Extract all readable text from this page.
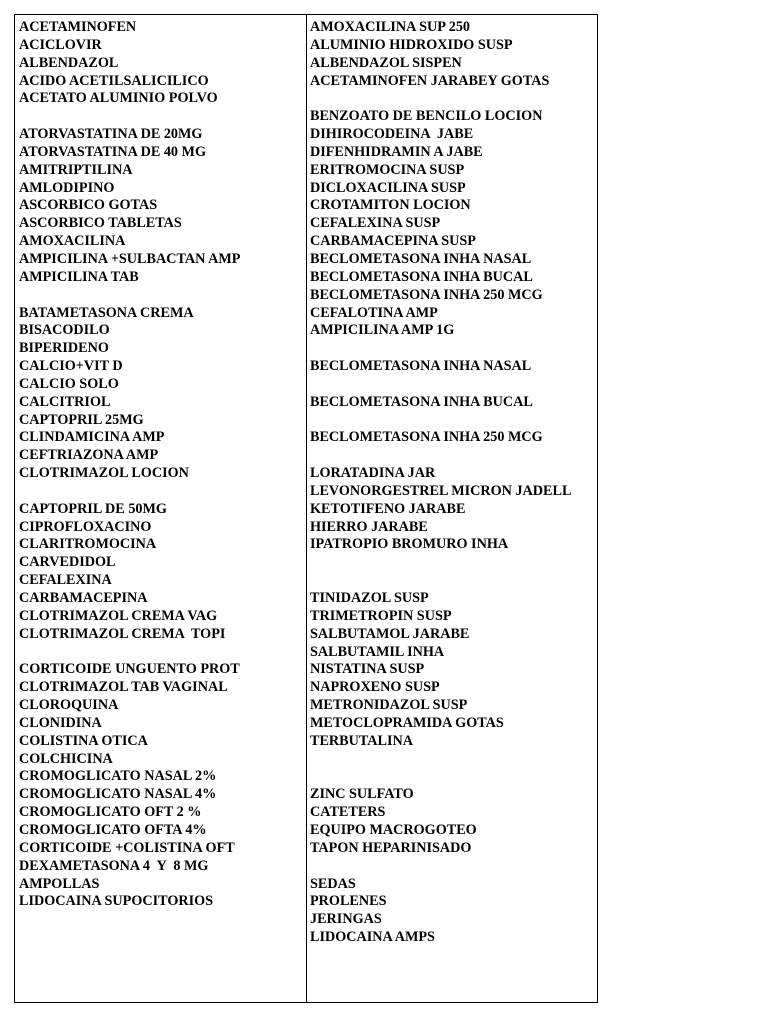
ACETAMINOFEN
ACICLOVIR
ALBENDAZOL
ACIDO ACETILSALICILICO
ACETATO ALUMINIO POLVO
ATORVASTATINA DE 20MG
ATORVASTATINA DE 40 MG
AMITRIPTILINA
AMLODIPINO
ASCORBICO GOTAS
ASCORBICO TABLETAS
AMOXACILINA
AMPICILINA +SULBACTAN AMP
AMPICILINA TAB
BATAMETASONA CREMA
BISACODILO
BIPERIDENO
CALCIO+VIT D
CALCIO SOLO
CALCITRIOL
CAPTOPRIL 25MG
CLINDAMICINA AMP
CEFTRIAZONA AMP
CLOTRIMAZOL LOCION
CAPTOPRIL DE 50MG
CIPROFLOXACINO
CLARITROMOCINA
CARVEDIDOL
CEFALEXINA
CARBAMACEPINA
CLOTRIMAZOL CREMA VAG
CLOTRIMAZOL CREMA  TOPI
CORTICOIDE UNGUENTO PROT
CLOTRIMAZOL TAB VAGINAL
CLOROQUINA
CLONIDINA
COLISTINA OTICA
COLCHICINA
CROMOGLICATO NASAL 2%
CROMOGLICATO NASAL 4%
CROMOGLICATO OFT 2 %
CROMOGLICATO OFTA 4%
CORTICOIDE +COLISTINA OFT
DEXAMETASONA 4  Y  8 MG
AMPOLLAS
LIDOCAINA SUPOCITORIOS
AMOXACILINA SUP 250
ALUMINIO HIDROXIDO SUSP
ALBENDAZOL SISPEN
ACETAMINOFEN JARABEY GOTAS
BENZOATO DE BENCILO LOCION
DIHIROCODEINA  JABE
DIFENHIDRAMIN A JABE
ERITROMOCINA SUSP
DICLOXACILINA SUSP
CROTAMITON LOCION
CEFALEXINA SUSP
CARBAMACEPINA SUSP
BECLOMETASONA INHA NASAL
BECLOMETASONA INHA BUCAL
BECLOMETASONA INHA 250 MCG
CEFALOTINA AMP
AMPICILINA AMP 1G
BECLOMETASONA INHA NASAL
BECLOMETASONA INHA BUCAL
BECLOMETASONA INHA 250 MCG
LORATADINA JAR
LEVONORGESTREL MICRON JADELL
KETOTIFENO JARABE
HIERRO JARABE
IPATROPIO BROMURO INHA
TINIDAZOL SUSP
TRIMETROPIN SUSP
SALBUTAMOL JARABE
SALBUTAMIL INHA
NISTATINA SUSP
NAPROXENO SUSP
METRONIDAZOL SUSP
METOCLOPRAMIDA GOTAS
TERBUTALINA
ZINC SULFATO
CATETERS
EQUIPO MACROGOTEO
TAPON HEPARINISADO
SEDAS
PROLENES
JERINGAS
LIDOCAINA AMPS
